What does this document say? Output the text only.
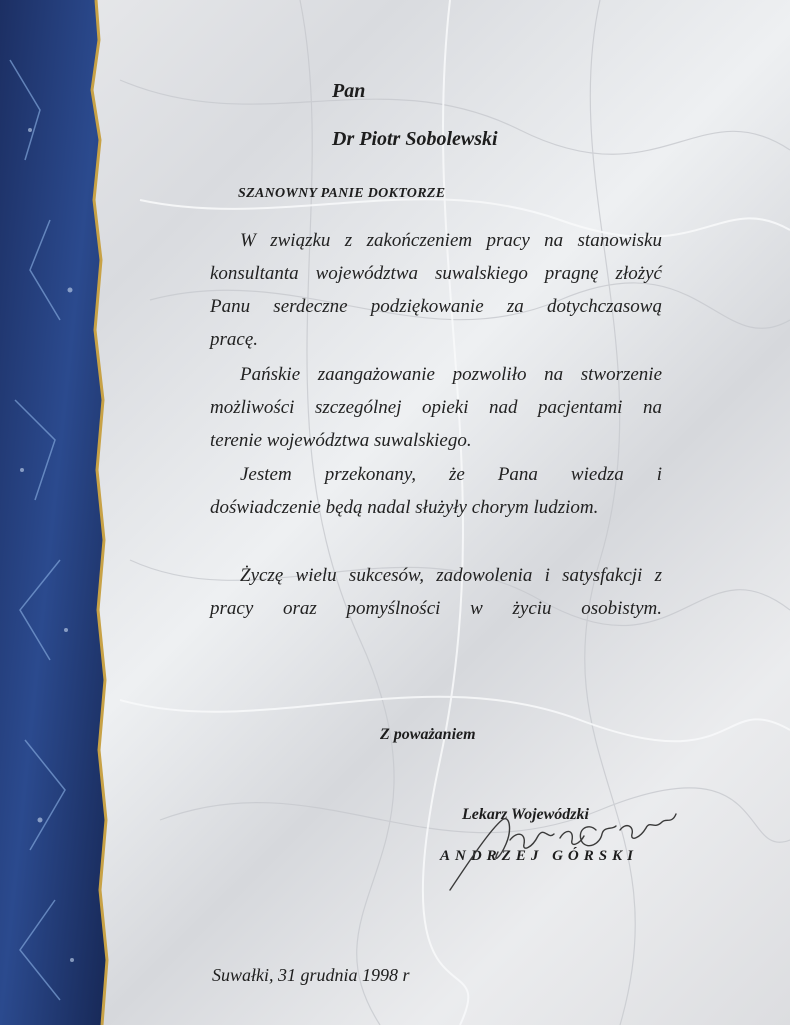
Pan
Dr Piotr Sobolewski
SZANOWNY PANIE DOKTORZE
W związku z zakończeniem pracy na stanowisku
konsultanta województwa suwalskiego pragnę złożyć
Panu serdeczne podziękowanie za dotychczasową
pracę.
Pańskie zaangażowanie pozwoliło na stworzenie
możliwości szczególnej opieki nad pacjentami na
terenie województwa suwalskiego.
Jestem przekonany, że Pana wiedza i
doświadczenie będą nadal służyły chorym ludziom.
Życzę wielu sukcesów, zadowolenia i satysfakcji z
pracy oraz pomyślności w życiu osobistym.
Z poważaniem
Lekarz Wojewódzki
ANDRZEJ GÓRSKI
Suwałki, 31 grudnia 1998 r
